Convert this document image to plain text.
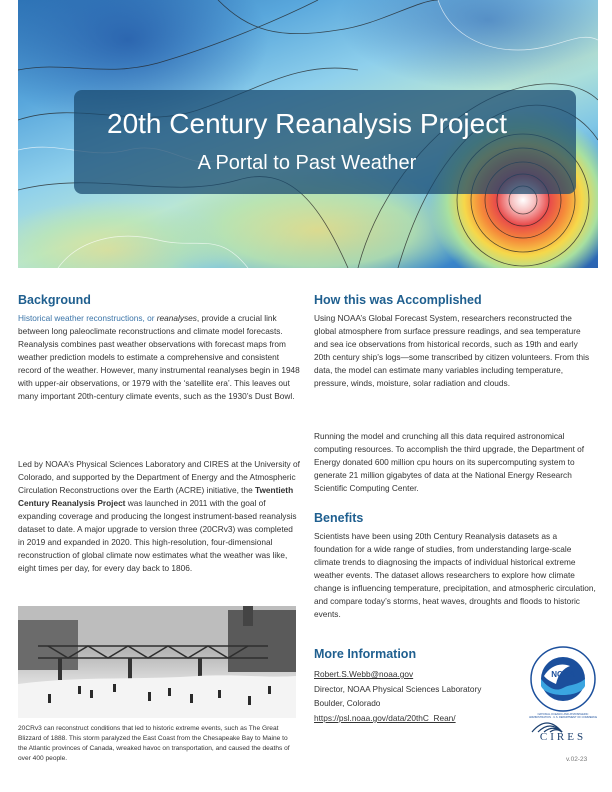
20th Century Reanalysis Project
A Portal to Past Weather
Background

Historical weather reconstructions, or reanalyses, provide a crucial link between long paleoclimate reconstructions and climate model forecasts. Reanalysis combines past weather observations with forecast maps from weather prediction models to estimate a comprehensive and consistent record of the weather. However, many instrumental reanalyses begin in 1948 with upper-air observations, or 1979 with the ‘satellite era’. This leaves out many important 20th-century climate events, such as the 1930’s Dust Bowl.

Led by NOAA’s Physical Sciences Laboratory and CIRES at the University of Colorado, and supported by the Department of Energy and the Atmospheric Circulation Reconstructions over the Earth (ACRE) initiative, the Twentieth Century Reanalysis Project was launched in 2011 with the goal of expanding coverage and producing the longest instrument-based reanalysis dataset to date. A major upgrade to version three (20CRv3) was completed in 2019 and expanded in 2020. This high-resolution, four-dimensional reconstruction of global climate now estimates what the weather was like, eight times per day, for every day back to 1806.

20CRv3 can reconstruct conditions that led to historic extreme events, such as The Great Blizzard of 1888. This storm paralyzed the East Coast from the Chesapeake Bay to Maine to the Atlantic provinces of Canada, wreaked havoc on transportation, and caused the deaths of over 400 people.
How this was Accomplished

Using NOAA’s Global Forecast System, researchers reconstructed the global atmosphere from surface pressure readings, and sea temperature and sea ice observations from historical records, such as 19th and early 20th century ship’s logs—some transcribed by citizen volunteers. From this data, the model can estimate many variables including temperature, pressure, winds, moisture, solar radiation and clouds.

Running the model and crunching all this data required astronomical computing resources. To accomplish the third upgrade, the Department of Energy donated 600 million cpu hours on its supercomputing system to generate 21 million gigabytes of data at the National Energy Research Scientific Computing Center.

Benefits

Scientists have been using 20th Century Reanalysis datasets as a foundation for a wide range of studies, from understanding large-scale climate trends to diagnosing the impacts of individual historical extreme weather events. The dataset allows researchers to explore how climate change is influencing temperature, precipitation, and atmospheric circulation, and compare today’s storms, heat waves, droughts and floods to historic events.

More Information
Robert.S.Webb@noaa.gov
Director, NOAA Physical Sciences Laboratory
Boulder, Colorado
https://psl.noaa.gov/data/20thC_Rean/
NOAA
NATIONAL OCEANIC AND ATMOSPHERIC ADMINISTRATION · U.S. DEPARTMENT OF COMMERCE
CIRES
v.02-23
